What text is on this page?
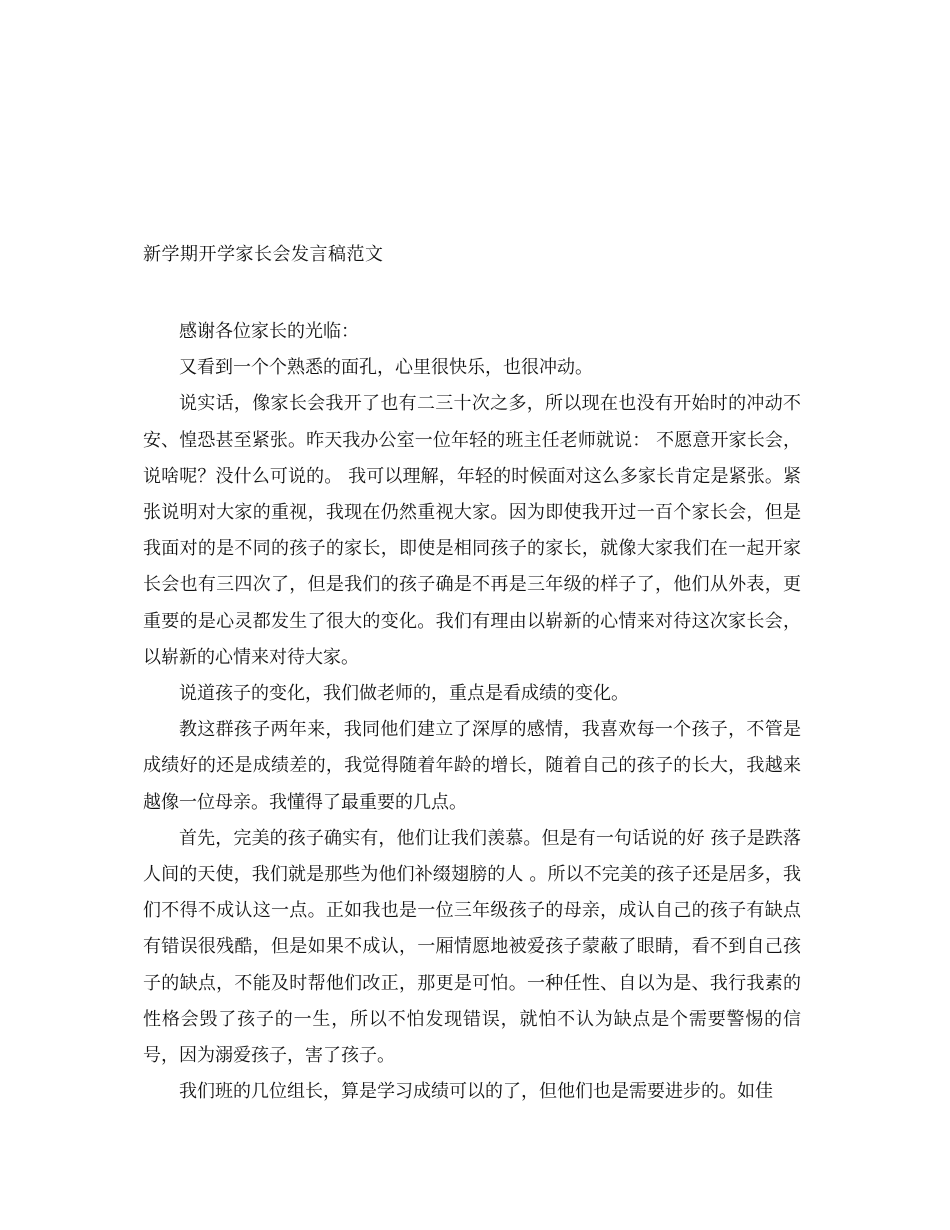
新学期开学家长会发言稿范文

感谢各位家长的光临：

又看到一个个熟悉的面孔，心里很快乐，也很冲动。

说实话，像家长会我开了也有二三十次之多，所以现在也没有开始时的冲动不安、惶恐甚至紧张。昨天我办公室一位年轻的班主任老师就说： 不愿意开家长会，说啥呢？没什么可说的。 我可以理解，年轻的时候面对这么多家长肯定是紧张。紧张说明对大家的重视，我现在仍然重视大家。因为即使我开过一百个家长会，但是我面对的是不同的孩子的家长，即使是相同孩子的家长，就像大家我们在一起开家长会也有三四次了，但是我们的孩子确是不再是三年级的样子了，他们从外表，更重要的是心灵都发生了很大的变化。我们有理由以崭新的心情来对待这次家长会，以崭新的心情来对待大家。

说道孩子的变化，我们做老师的，重点是看成绩的变化。

教这群孩子两年来，我同他们建立了深厚的感情，我喜欢每一个孩子，不管是成绩好的还是成绩差的，我觉得随着年龄的增长，随着自己的孩子的长大，我越来越像一位母亲。我懂得了最重要的几点。

首先，完美的孩子确实有，他们让我们羡慕。但是有一句话说的好 孩子是跌落人间的天使，我们就是那些为他们补缀翅膀的人 。所以不完美的孩子还是居多，我们不得不成认这一点。正如我也是一位三年级孩子的母亲，成认自己的孩子有缺点有错误很残酷，但是如果不成认，一厢情愿地被爱孩子蒙蔽了眼睛，看不到自己孩子的缺点，不能及时帮他们改正，那更是可怕。一种任性、自以为是、我行我素的性格会毁了孩子的一生，所以不怕发现错误，就怕不认为缺点是个需要警惕的信号，因为溺爱孩子，害了孩子。

我们班的几位组长，算是学习成绩可以的了，但他们也是需要进步的。如佳
